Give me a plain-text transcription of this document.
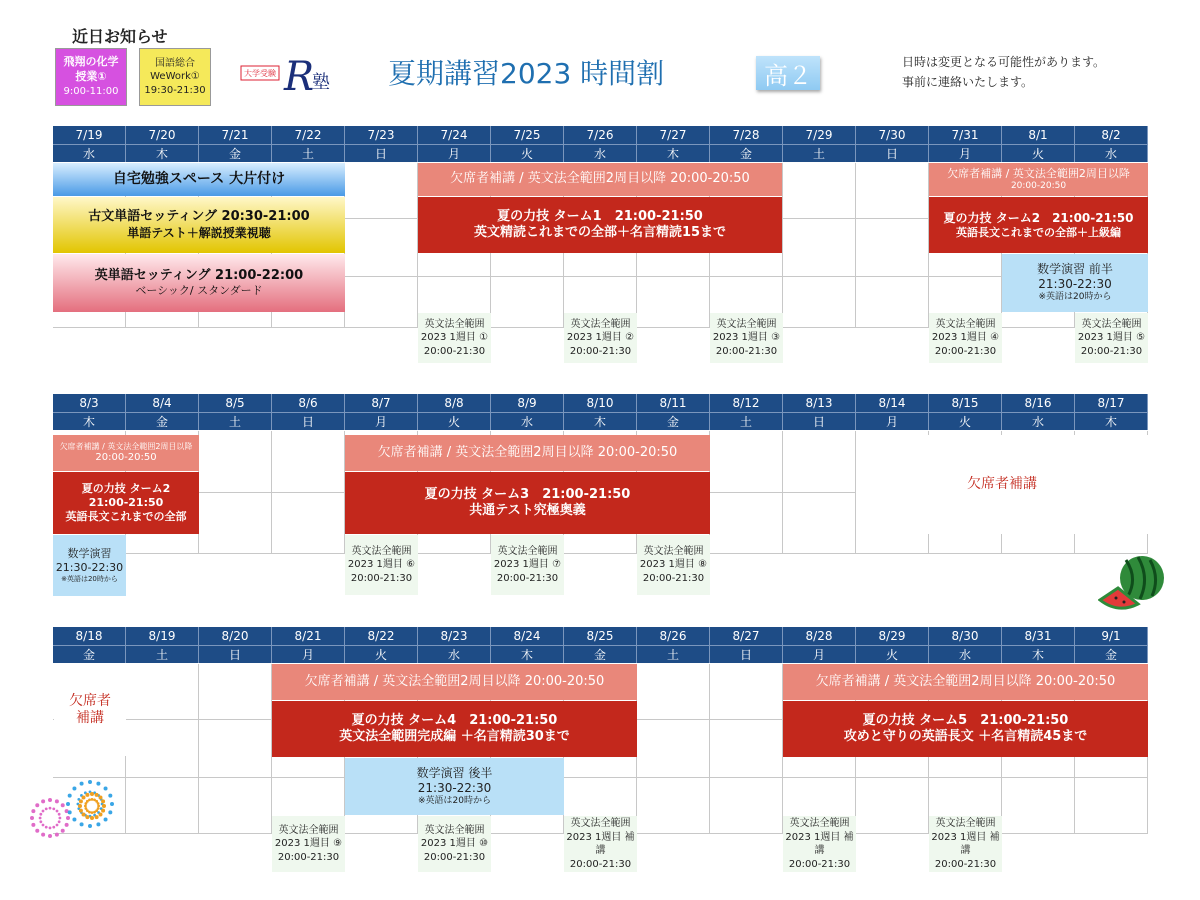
近日お知らせ
飛翔の化学
授業①
9:00-11:00
国語総合
WeWork①
19:30-21:30
大学受験 R
塾 夏期講習2023 時間割	高２	日時は変更となる可能性があります。
事前に連絡いたします。
7/19
水
7/20
木
7/21
金
7/22
土
7/23
日
7/24
月
7/25
火
7/26
水
7/27
木
7/28
金
7/29
土
7/30
日
7/31
月
8/1
火
8/2
水
8/3
木
8/4
金
8/5
土
8/6
日
8/7
月
8/8
火
8/9
水
8/10
木
8/11
金
8/12
土
8/13
日
8/14
月
8/15
火
8/16
水
8/17
木
8/18
金
8/19
土
8/20
日
8/21
月
8/22
火
8/23
水
8/24
木
8/25
金
8/26
土
8/27
日
8/28
月
8/29
火
8/30
水
8/31
木
9/1
金
自宅勉強スペース 大片付け
古文単語セッティング 20:30-21:00
単語テスト＋解説授業視聴
英単語セッティング 21:00-22:00
ベーシック/ スタンダード
欠席者補講 / 英文法全範囲2周目以降 20:00-20:50
夏の力技 ターム1　21:00-21:50
英文精読これまでの全部＋名言精読15まで
欠席者補講 / 英文法全範囲2周目以降
20:00-20:50
夏の力技 ターム2　21:00-21:50
英語長文これまでの全部＋上級編
数学演習 前半
21:30-22:30
※英語は20時から
英文法全範囲
2023 1週目 ①
20:00-21:30
英文法全範囲
2023 1週目 ②
20:00-21:30
英文法全範囲
2023 1週目 ③
20:00-21:30
英文法全範囲
2023 1週目 ④
20:00-21:30
英文法全範囲
2023 1週目 ⑤
20:00-21:30
欠席者補講 / 英文法全範囲2周目以降
20:00-20:50
夏の力技 ターム2
21:00-21:50
英語長文これまでの全部
数学演習
21:30-22:30
※英語は20時から
欠席者補講 / 英文法全範囲2周目以降 20:00-20:50
夏の力技 ターム3　21:00-21:50
共通テスト究極奥義
欠席者補講
英文法全範囲
2023 1週目 ⑥
20:00-21:30
英文法全範囲
2023 1週目 ⑦
20:00-21:30
英文法全範囲
2023 1週目 ⑧
20:00-21:30
欠席者
補講
欠席者補講 / 英文法全範囲2周目以降 20:00-20:50
夏の力技 ターム4　21:00-21:50
英文法全範囲完成編 ＋名言精読30まで
欠席者補講 / 英文法全範囲2周目以降 20:00-20:50
夏の力技 ターム5　21:00-21:50
攻めと守りの英語長文 ＋名言精読45まで
数学演習 後半
21:30-22:30
※英語は20時から
英文法全範囲
2023 1週目 ⑨
20:00-21:30
英文法全範囲
2023 1週目 ⑩
20:00-21:30
英文法全範囲
2023 1週目 補講
20:00-21:30
英文法全範囲
2023 1週目 補講
20:00-21:30
英文法全範囲
2023 1週目 補講
20:00-21:30
